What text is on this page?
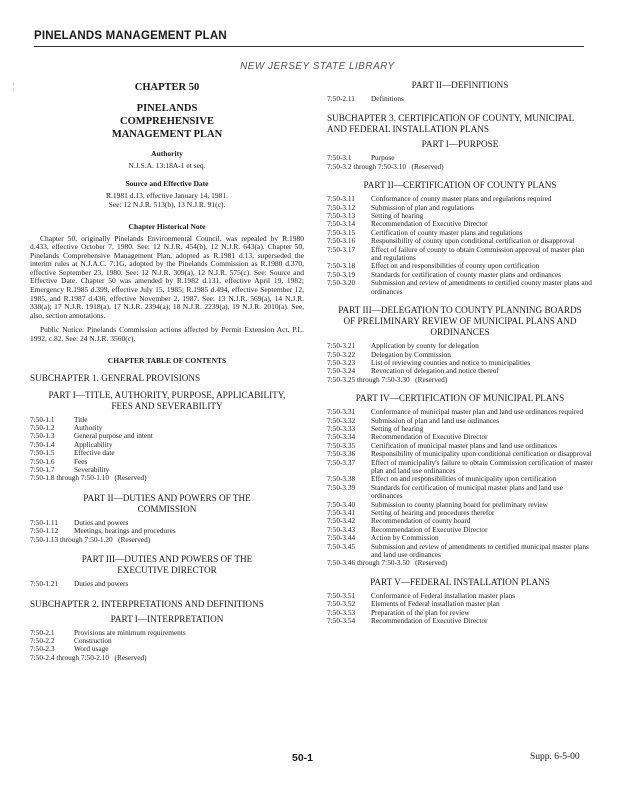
PINELANDS MANAGEMENT PLAN
NEW JERSEY STATE LIBRARY
¦	CHAPTER 50
PINELANDS COMPREHENSIVE MANAGEMENT PLAN
Authority
N.J.S.A. 13:18A-1 et seq.
Source and Effective Date
R.1981 d.13, effective January 14, 1981.
See: 12 N.J.R. 513(b), 13 N.J.R. 91(c).
Chapter Historical Note
Chapter 50, originally Pinelands Environmental Council, was repealed by R.1980 d.433, effective October 7, 1980. See: 12 N.J.R. 454(b), 12 N.J.R. 643(a). Chapter 50, Pinelands Comprehensive Management Plan, adopted as R.1981 d.13, superseded the interim rules at N.J.A.C. 7:1G, adopted by the Pinelands Commission as R.1980 d.370, effective September 23, 1980. See: 12 N.J.R. 309(a), 12 N.J.R. 575(c). See: Source and Effective Date. Chapter 50 was amended by R.1982 d.131, effective April 19, 1982; Emergency R.1985 d.399, effective July 15, 1985; R.1985 d.494, effective September 12, 1985, and R.1987 d.436, effective November 2, 1987. See: 13 N.J.R. 569(a), 14 N.J.R. 338(a); 17 N.J.R. 1918(a), 17 N.J.R. 2394(a); 18 N.J.R. 2239(a), 19 N.J.R. 2010(a). See, also, section annotations.
Public Notice: Pinelands Commission actions affected by Permit Extension Act, P.L. 1992, c.82. See: 24 N.J.R. 3560(c).
CHAPTER TABLE OF CONTENTS
SUBCHAPTER 1. GENERAL PROVISIONS
PART I—TITLE, AUTHORITY, PURPOSE, APPLICABILITY, FEES AND SEVERABILITY
7:50-1.1	Title
7:50-1.2	Authority
7:50-1.3	General purpose and intent
7:50-1.4	Applicability
7:50-1.5	Effective date
7:50-1.6	Fees
7:50-1.7	Severability
7:50-1.8 through 7:50-1.10   (Reserved)
PART II—DUTIES AND POWERS OF THE COMMISSION
7:50-1.11	Duties and powers
7:50-1.12	Meetings, hearings and procedures
7:50-1.13 through 7:50-1.20   (Reserved)
PART III—DUTIES AND POWERS OF THE EXECUTIVE DIRECTOR
7:50-1.21	Duties and powers
SUBCHAPTER 2. INTERPRETATIONS AND DEFINITIONS
PART I—INTERPRETATION
7:50-2.1	Provisions are minimum requirements
7:50-2.2	Construction
7:50-2.3	Word usage
7:50-2.4 through 7:50-2.10   (Reserved)
PART II—DEFINITIONS
7:50-2.11	Definitions
SUBCHAPTER 3. CERTIFICATION OF COUNTY, MUNICIPAL AND FEDERAL INSTALLATION PLANS
PART I—PURPOSE
7:50-3.1	Purpose
7:50-3.2 through 7:50-3.10   (Reserved)
PART II—CERTIFICATION OF COUNTY PLANS
7:50-3.11	Conformance of county master plans and regulations required
7:50-3.12	Submission of plan and regulations
7:50-3.13	Setting of hearing
7:50-3.14	Recommendation of Executive Director
7:50-3.15	Certification of county master plans and regulations
7:50-3.16	Responsibility of county upon conditional certification or disapproval
7:50-3.17	Effect of failure of county to obtain Commission approval of master plan and regulations
7:50-3.18	Effect on and responsibilities of county upon certification
7:50-3.19	Standards for certification of county master plans and ordinances
7:50-3.20	Submission and review of amendments to certified county master plans and ordinances
PART III—DELEGATION TO COUNTY PLANNING BOARDS OF PRELIMINARY REVIEW OF MUNICIPAL PLANS AND ORDINANCES
7:50-3.21	Application by county for delegation
7:50-3.22	Delegation by Commission
7:50-3.23	List of reviewing counties and notice to municipalities
7:50-3.24	Revocation of delegation and notice thereof
7:50-3.25 through 7:50-3.30   (Reserved)
PART IV—CERTIFICATION OF MUNICIPAL PLANS
7:50-3.31	Conformance of municipal master plan and land use ordinances required
7:50-3.32	Submission of plan and land use ordinances
7:50-3.33	Setting of hearing
7:50-3.34	Recommendation of Executive Director
7:50-3.35	Certification of municipal master plans and land use ordinances
7:50-3.36	Responsibility of municipality upon conditional certification or disapproval
7:50-3.37	Effect of municipality's failure to obtain Commission certification of master plan and land use ordinances
7:50-3.38	Effect on and responsibilities of municipality upon certification
7:50-3.39	Standards for certification of municipal master plans and land use ordinances
7:50-3.40	Submission to county planning board for preliminary review
7:50-3.41	Setting of hearing and procedures therefor
7:50-3.42	Recommendation of county board
7:50-3.43	Recommendation of Executive Director
7:50-3.44	Action by Commission
7:50-3.45	Submission and review of amendments to certified municipal master plans and land use ordinances
7:50-3.46 through 7:50-3.50   (Reserved)
PART V—FEDERAL INSTALLATION PLANS
7:50-3.51	Conformance of Federal installation master plans
7:50-3.52	Elements of Federal installation master plan
7:50-3.53	Preparation of the plan for review
7:50-3.54	Recommendation of Executive Director
50-1	Supp. 6-5-00
